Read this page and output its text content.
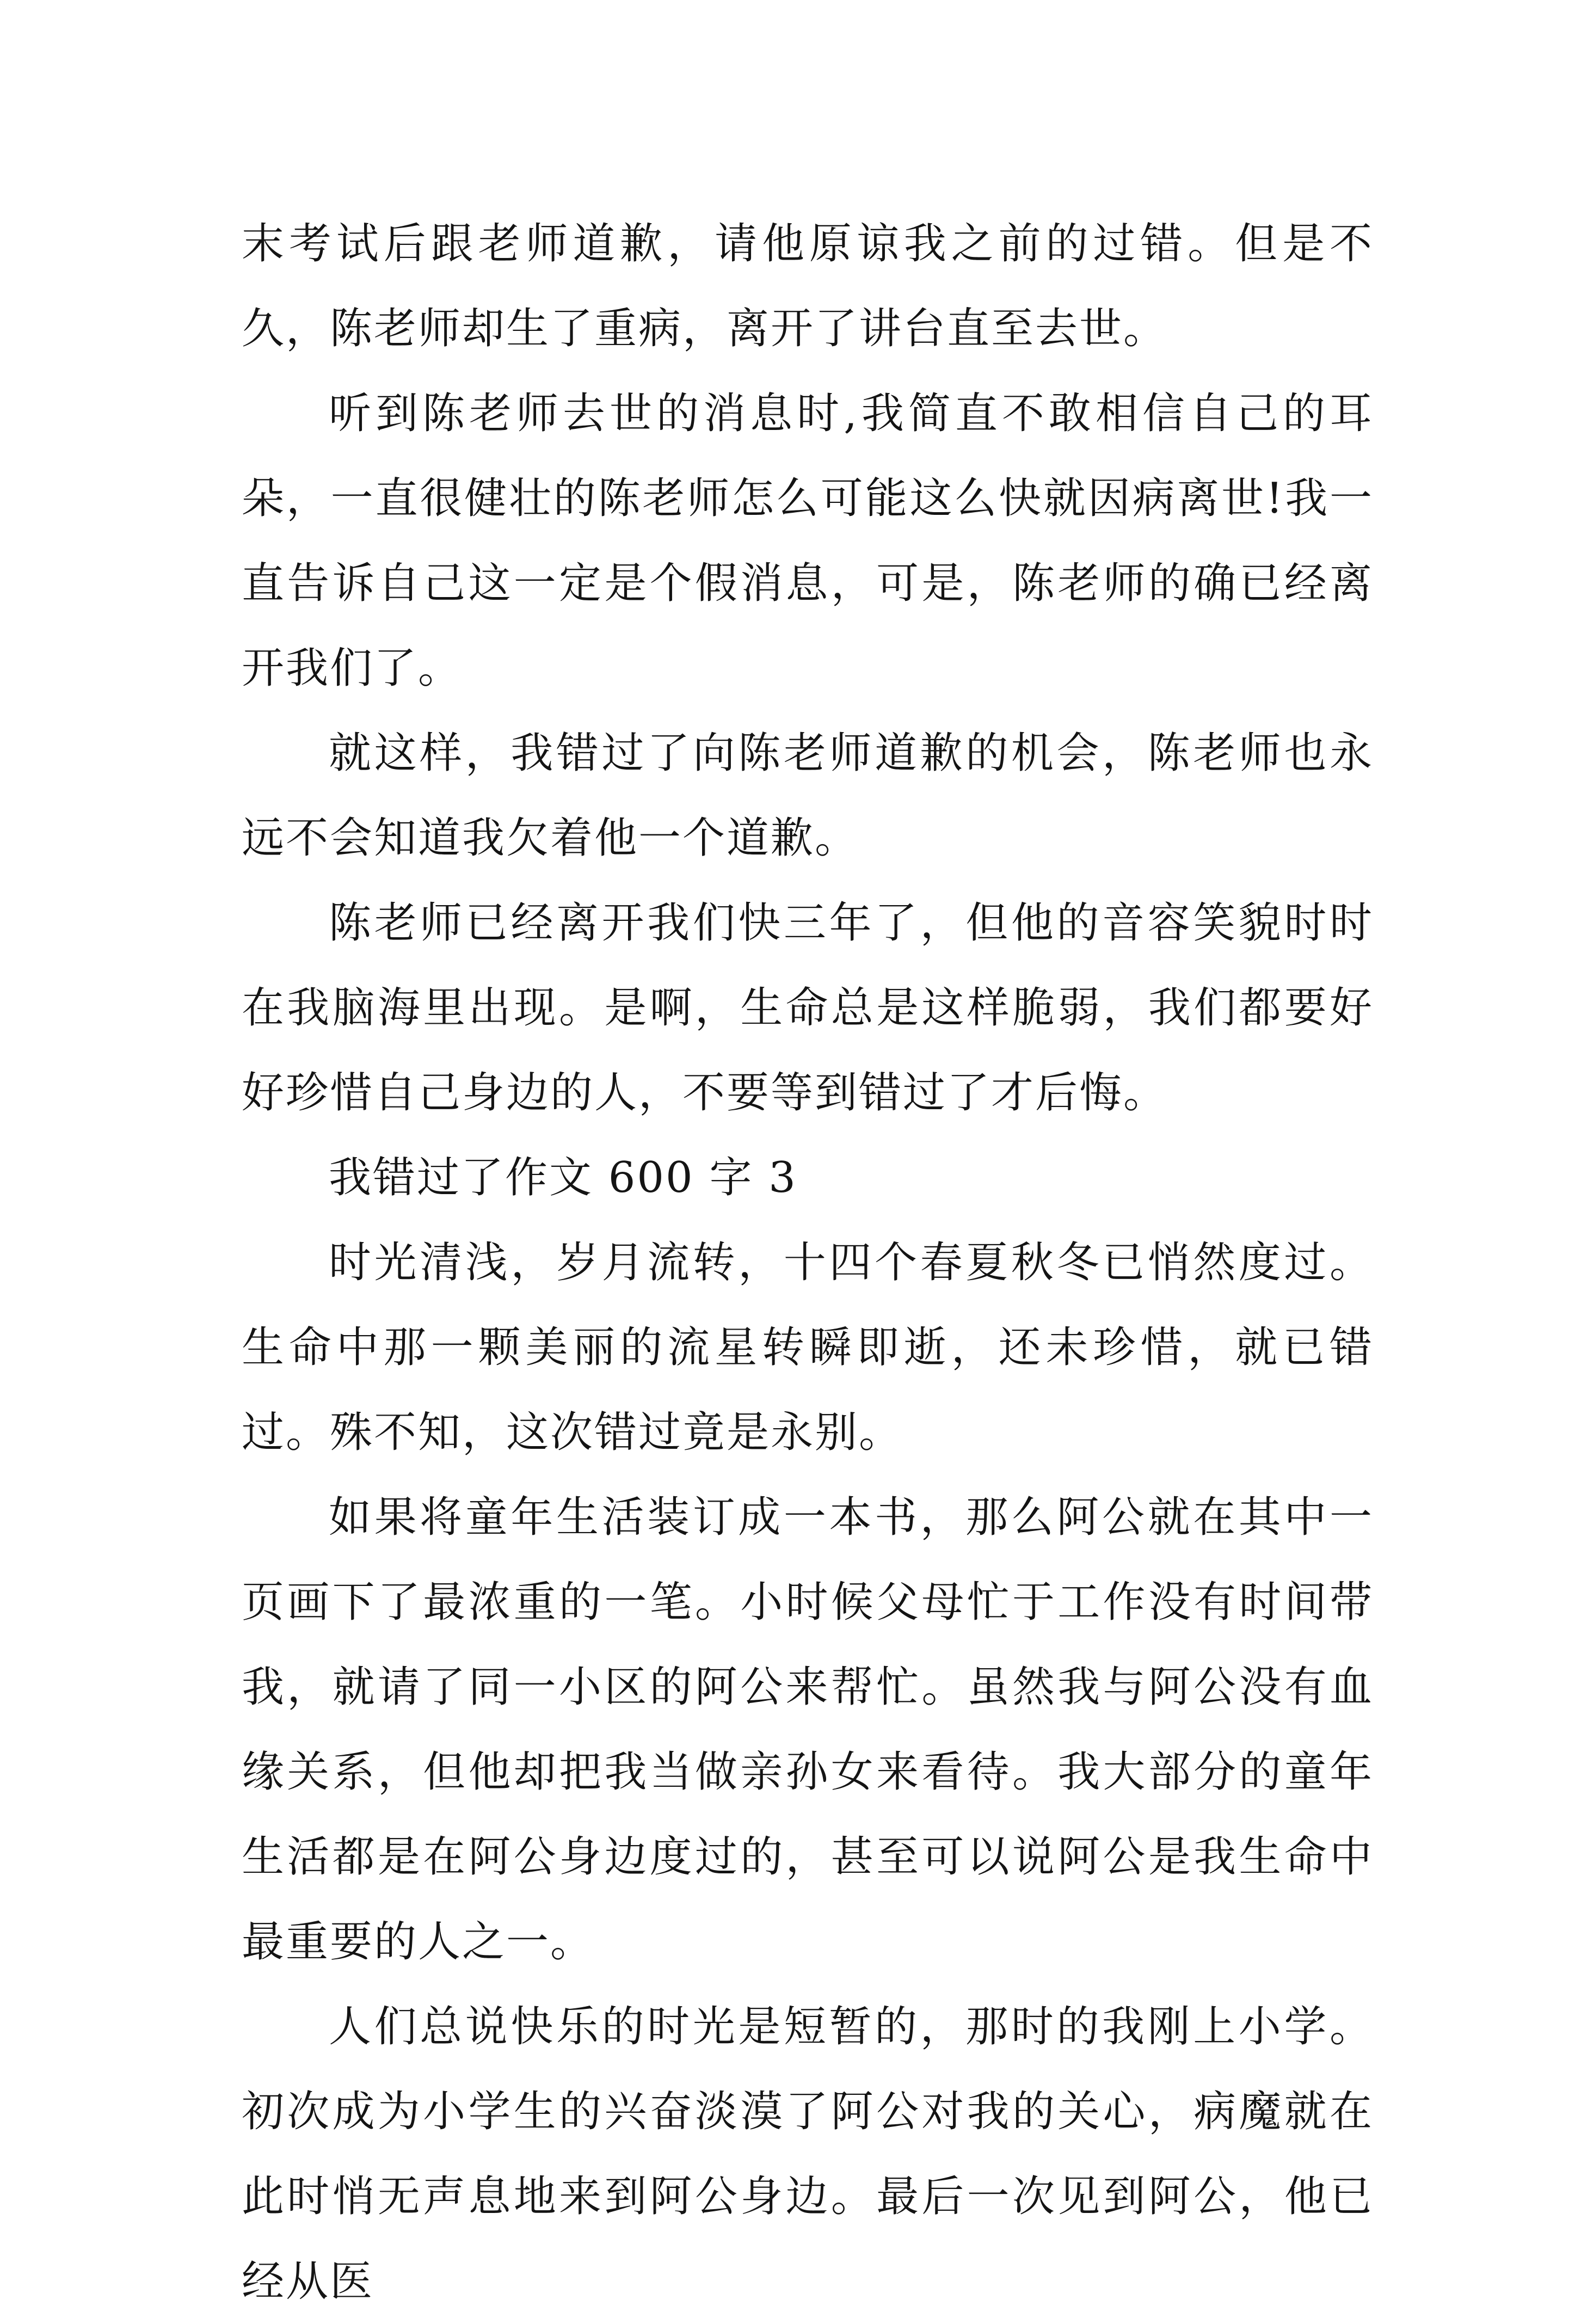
末考试后跟老师道歉，请他原谅我之前的过错。但是不久，陈老师却生了重病，离开了讲台直至去世。

听到陈老师去世的消息时,我简直不敢相信自己的耳朵，一直很健壮的陈老师怎么可能这么快就因病离世!我一直告诉自己这一定是个假消息，可是，陈老师的确已经离开我们了。

就这样，我错过了向陈老师道歉的机会，陈老师也永远不会知道我欠着他一个道歉。

陈老师已经离开我们快三年了，但他的音容笑貌时时在我脑海里出现。是啊，生命总是这样脆弱，我们都要好好珍惜自己身边的人，不要等到错过了才后悔。

我错过了作文 600 字 3

时光清浅，岁月流转，十四个春夏秋冬已悄然度过。生命中那一颗美丽的流星转瞬即逝，还未珍惜，就已错过。殊不知，这次错过竟是永别。

如果将童年生活装订成一本书，那么阿公就在其中一页画下了最浓重的一笔。小时候父母忙于工作没有时间带我，就请了同一小区的阿公来帮忙。虽然我与阿公没有血缘关系，但他却把我当做亲孙女来看待。我大部分的童年生活都是在阿公身边度过的，甚至可以说阿公是我生命中最重要的人之一。

人们总说快乐的时光是短暂的，那时的我刚上小学。初次成为小学生的兴奋淡漠了阿公对我的关心，病魔就在此时悄无声息地来到阿公身边。最后一次见到阿公，他已经从医
